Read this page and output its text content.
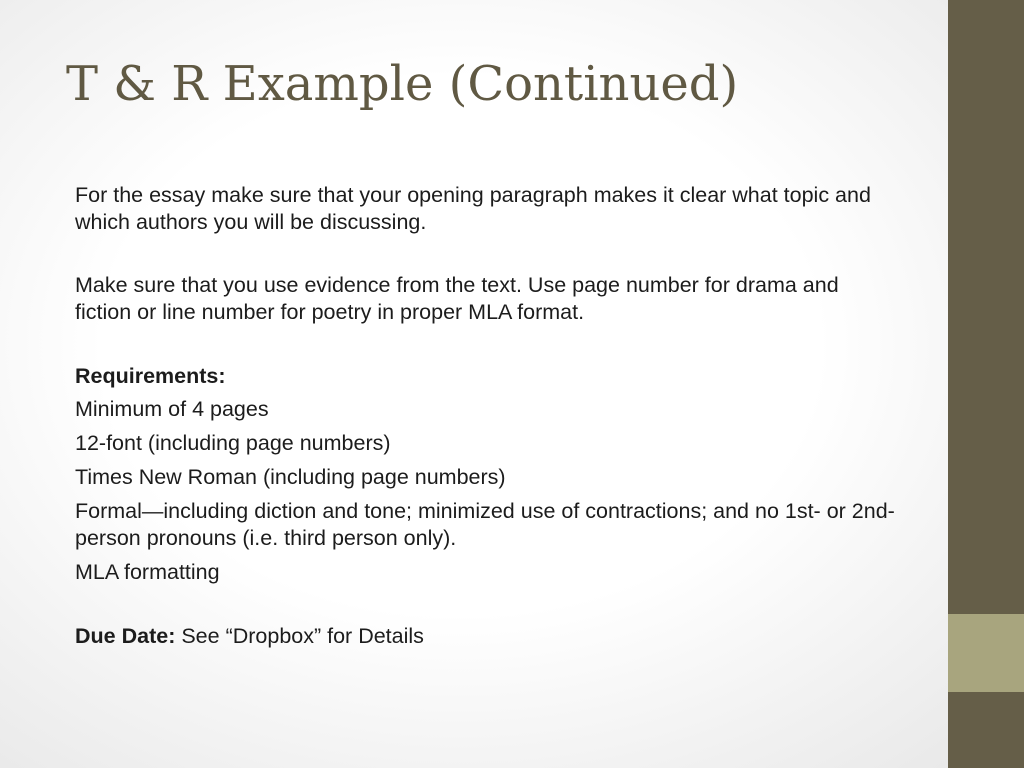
T & R Example (Continued)

For the essay make sure that your opening paragraph makes it clear what topic and which authors you will be discussing.

Make sure that you use evidence from the text. Use page number for drama and fiction or line number for poetry in proper MLA format.

Requirements:

Minimum of 4 pages
12-font (including page numbers)
Times New Roman (including page numbers)
Formal—including diction and tone; minimized use of contractions; and no 1st- or 2nd-person pronouns (i.e. third person only).
MLA formatting

Due Date: See “Dropbox” for Details
